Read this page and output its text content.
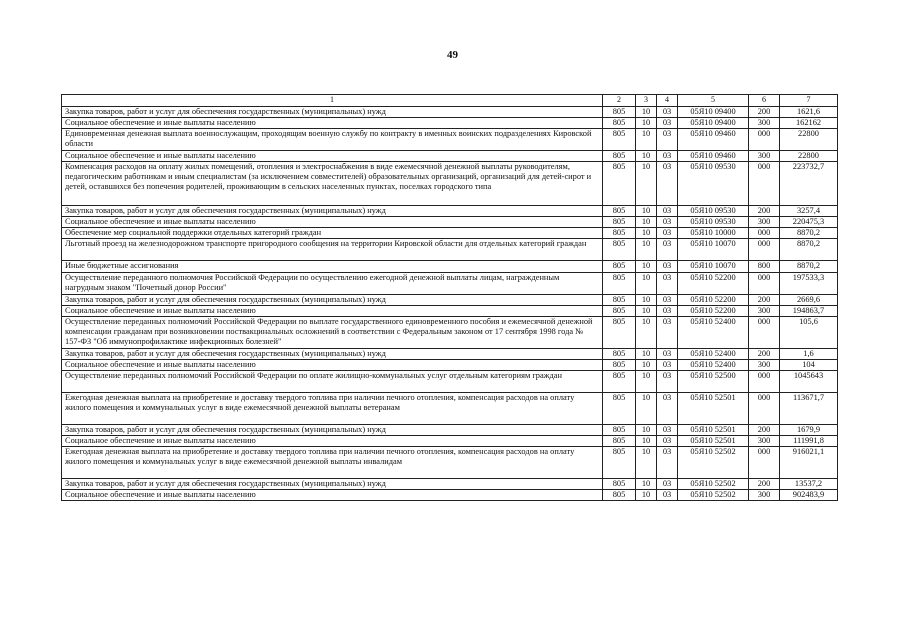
49
1	2	3	4	5	6	7
Закупка товаров, работ и услуг для обеспечения государственных (муниципальных) нужд	805	10	03	05Я10 09400	200	1621,6
Социальное обеспечение и иные выплаты населению	805	10	03	05Я10 09400	300	162162
Единовременная денежная выплата военнослужащим, проходящим военную службу по контракту в именных воинских подразделениях Кировской области	805	10	03	05Я10 09460	000	22800
Социальное обеспечение и иные выплаты населению	805	10	03	05Я10 09460	300	22800
Компенсация расходов на оплату жилых помещений, отопления и электроснабжения в виде ежемесячной денежной выплаты руководителям, педагогическим работникам и иным специалистам (за исключением совместителей) образовательных организаций, организаций для детей-сирот и детей, оставшихся без попечения родителей, проживающим в сельских населенных пунктах, поселках городского типа	805	10	03	05Я10 09530	000	223732,7
Закупка товаров, работ и услуг для обеспечения государственных (муниципальных) нужд	805	10	03	05Я10 09530	200	3257,4
Социальное обеспечение и иные выплаты населению	805	10	03	05Я10 09530	300	220475,3
Обеспечение мер социальной поддержки отдельных категорий граждан	805	10	03	05Я10 10000	000	8870,2
Льготный проезд на железнодорожном транспорте пригородного сообщения на территории Кировской области для отдельных категорий граждан	805	10	03	05Я10 10070	000	8870,2
Иные бюджетные ассигнования	805	10	03	05Я10 10070	800	8870,2
Осуществление переданного полномочия Российской Федерации по осуществлению ежегодной денежной выплаты лицам, награжденным нагрудным знаком "Почетный донор России"	805	10	03	05Я10 52200	000	197533,3
Закупка товаров, работ и услуг для обеспечения государственных (муниципальных) нужд	805	10	03	05Я10 52200	200	2669,6
Социальное обеспечение и иные выплаты населению	805	10	03	05Я10 52200	300	194863,7
Осуществление переданных полномочий Российской Федерации по выплате государственного единовременного пособия и ежемесячной денежной компенсации гражданам при возникновении поствакцинальных осложнений в соответствии с Федеральным законом от 17 сентября 1998 года № 157-ФЗ "Об иммунопрофилактике инфекционных болезней"	805	10	03	05Я10 52400	000	105,6
Закупка товаров, работ и услуг для обеспечения государственных (муниципальных) нужд	805	10	03	05Я10 52400	200	1,6
Социальное обеспечение и иные выплаты населению	805	10	03	05Я10 52400	300	104
Осуществление переданных полномочий Российской Федерации по оплате жилищно-коммунальных услуг отдельным категориям граждан	805	10	03	05Я10 52500	000	1045643
Ежегодная денежная выплата на приобретение и доставку твердого топлива при наличии печного отопления, компенсация расходов на оплату жилого помещения и коммунальных услуг в виде ежемесячной денежной выплаты ветеранам	805	10	03	05Я10 52501	000	113671,7
Закупка товаров, работ и услуг для обеспечения государственных (муниципальных) нужд	805	10	03	05Я10 52501	200	1679,9
Социальное обеспечение и иные выплаты населению	805	10	03	05Я10 52501	300	111991,8
Ежегодная денежная выплата на приобретение и доставку твердого топлива при наличии печного отопления, компенсация расходов на оплату жилого помещения и коммунальных услуг в виде ежемесячной денежной выплаты инвалидам	805	10	03	05Я10 52502	000	916021,1
Закупка товаров, работ и услуг для обеспечения государственных (муниципальных) нужд	805	10	03	05Я10 52502	200	13537,2
Социальное обеспечение и иные выплаты населению	805	10	03	05Я10 52502	300	902483,9
